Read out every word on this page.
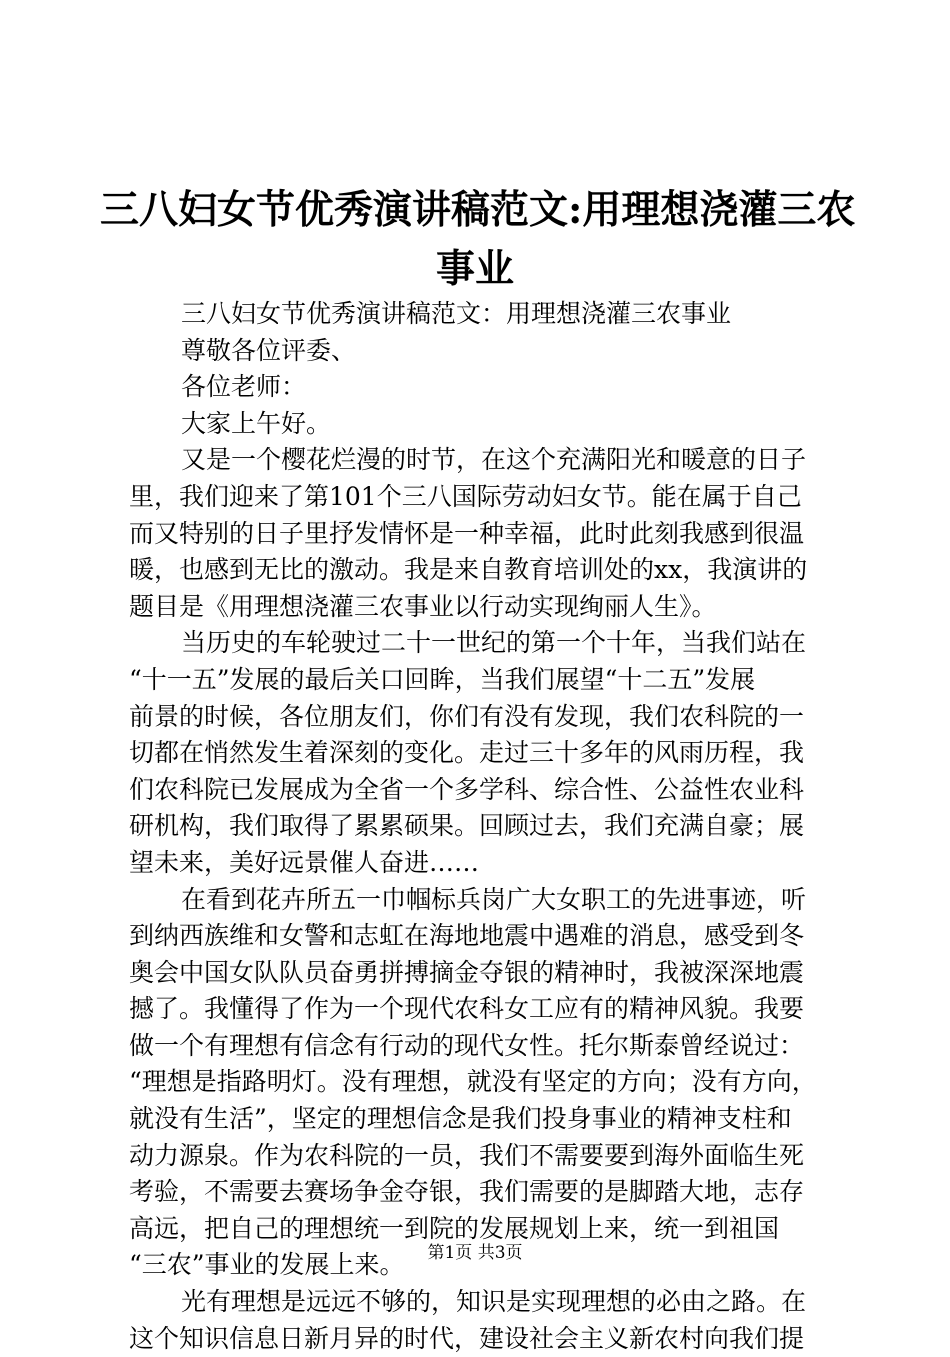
三八妇女节优秀演讲稿范文:用理想浇灌三农
事业
三八妇女节优秀演讲稿范文：用理想浇灌三农事业
尊敬各位评委、
各位老师：
大家上午好。
又是一个樱花烂漫的时节，在这个充满阳光和暖意的日子
里，我们迎来了第101个三八国际劳动妇女节。能在属于自己
而又特别的日子里抒发情怀是一种幸福，此时此刻我感到很温
暖，也感到无比的激动。我是来自教育培训处的xx，我演讲的
题目是《用理想浇灌三农事业以行动实现绚丽人生》。
当历史的车轮驶过二十一世纪的第一个十年，当我们站在
“十一五”发展的最后关口回眸，当我们展望“十二五”发展
前景的时候，各位朋友们，你们有没有发现，我们农科院的一
切都在悄然发生着深刻的变化。走过三十多年的风雨历程，我
们农科院已发展成为全省一个多学科、综合性、公益性农业科
研机构，我们取得了累累硕果。回顾过去，我们充满自豪；展
望未来，美好远景催人奋进……
在看到花卉所五一巾帼标兵岗广大女职工的先进事迹，听
到纳西族维和女警和志虹在海地地震中遇难的消息，感受到冬
奥会中国女队队员奋勇拼搏摘金夺银的精神时，我被深深地震
撼了。我懂得了作为一个现代农科女工应有的精神风貌。我要
做一个有理想有信念有行动的现代女性。托尔斯泰曾经说过：
“理想是指路明灯。没有理想，就没有坚定的方向；没有方向，
就没有生活”，坚定的理想信念是我们投身事业的精神支柱和
动力源泉。作为农科院的一员，我们不需要要到海外面临生死
考验，不需要去赛场争金夺银，我们需要的是脚踏大地，志存
高远，把自己的理想统一到院的发展规划上来，统一到祖国
“三农”事业的发展上来。
光有理想是远远不够的，知识是实现理想的必由之路。在
这个知识信息日新月异的时代，建设社会主义新农村向我们提
第1页 共3页
